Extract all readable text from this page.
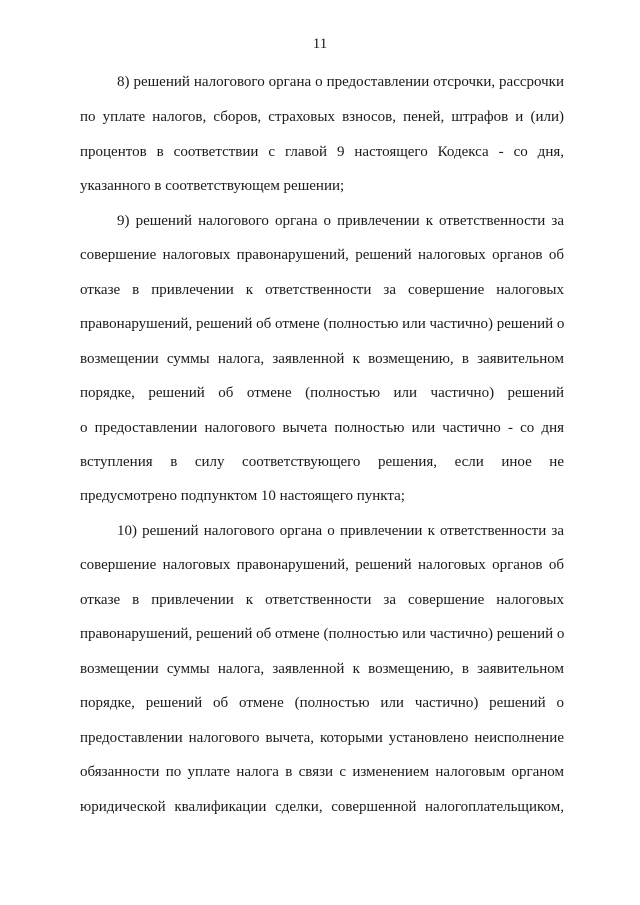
11
8) решений налогового органа о предоставлении отсрочки, рассрочки
по уплате налогов, сборов, страховых взносов, пеней, штрафов и (или)
процентов в соответствии с главой 9 настоящего Кодекса - со дня,
указанного в соответствующем решении;
9) решений налогового органа о привлечении к ответственности за
совершение налоговых правонарушений, решений налоговых органов об
отказе в привлечении к ответственности за совершение налоговых
правонарушений, решений об отмене (полностью или частично) решений о
возмещении суммы налога, заявленной к возмещению, в заявительном
порядке, решений об отмене (полностью или частично) решений
о предоставлении налогового вычета полностью или частично - со дня
вступления в силу соответствующего решения, если иное не
предусмотрено подпунктом 10 настоящего пункта;
10) решений налогового органа о привлечении к ответственности за
совершение налоговых правонарушений, решений налоговых органов об
отказе в привлечении к ответственности за совершение налоговых
правонарушений, решений об отмене (полностью или частично) решений о
возмещении суммы налога, заявленной к возмещению, в заявительном
порядке, решений об отмене (полностью или частично) решений о
предоставлении налогового вычета, которыми установлено неисполнение
обязанности по уплате налога в связи с изменением налоговым органом
юридической квалификации сделки, совершенной налогоплательщиком,
